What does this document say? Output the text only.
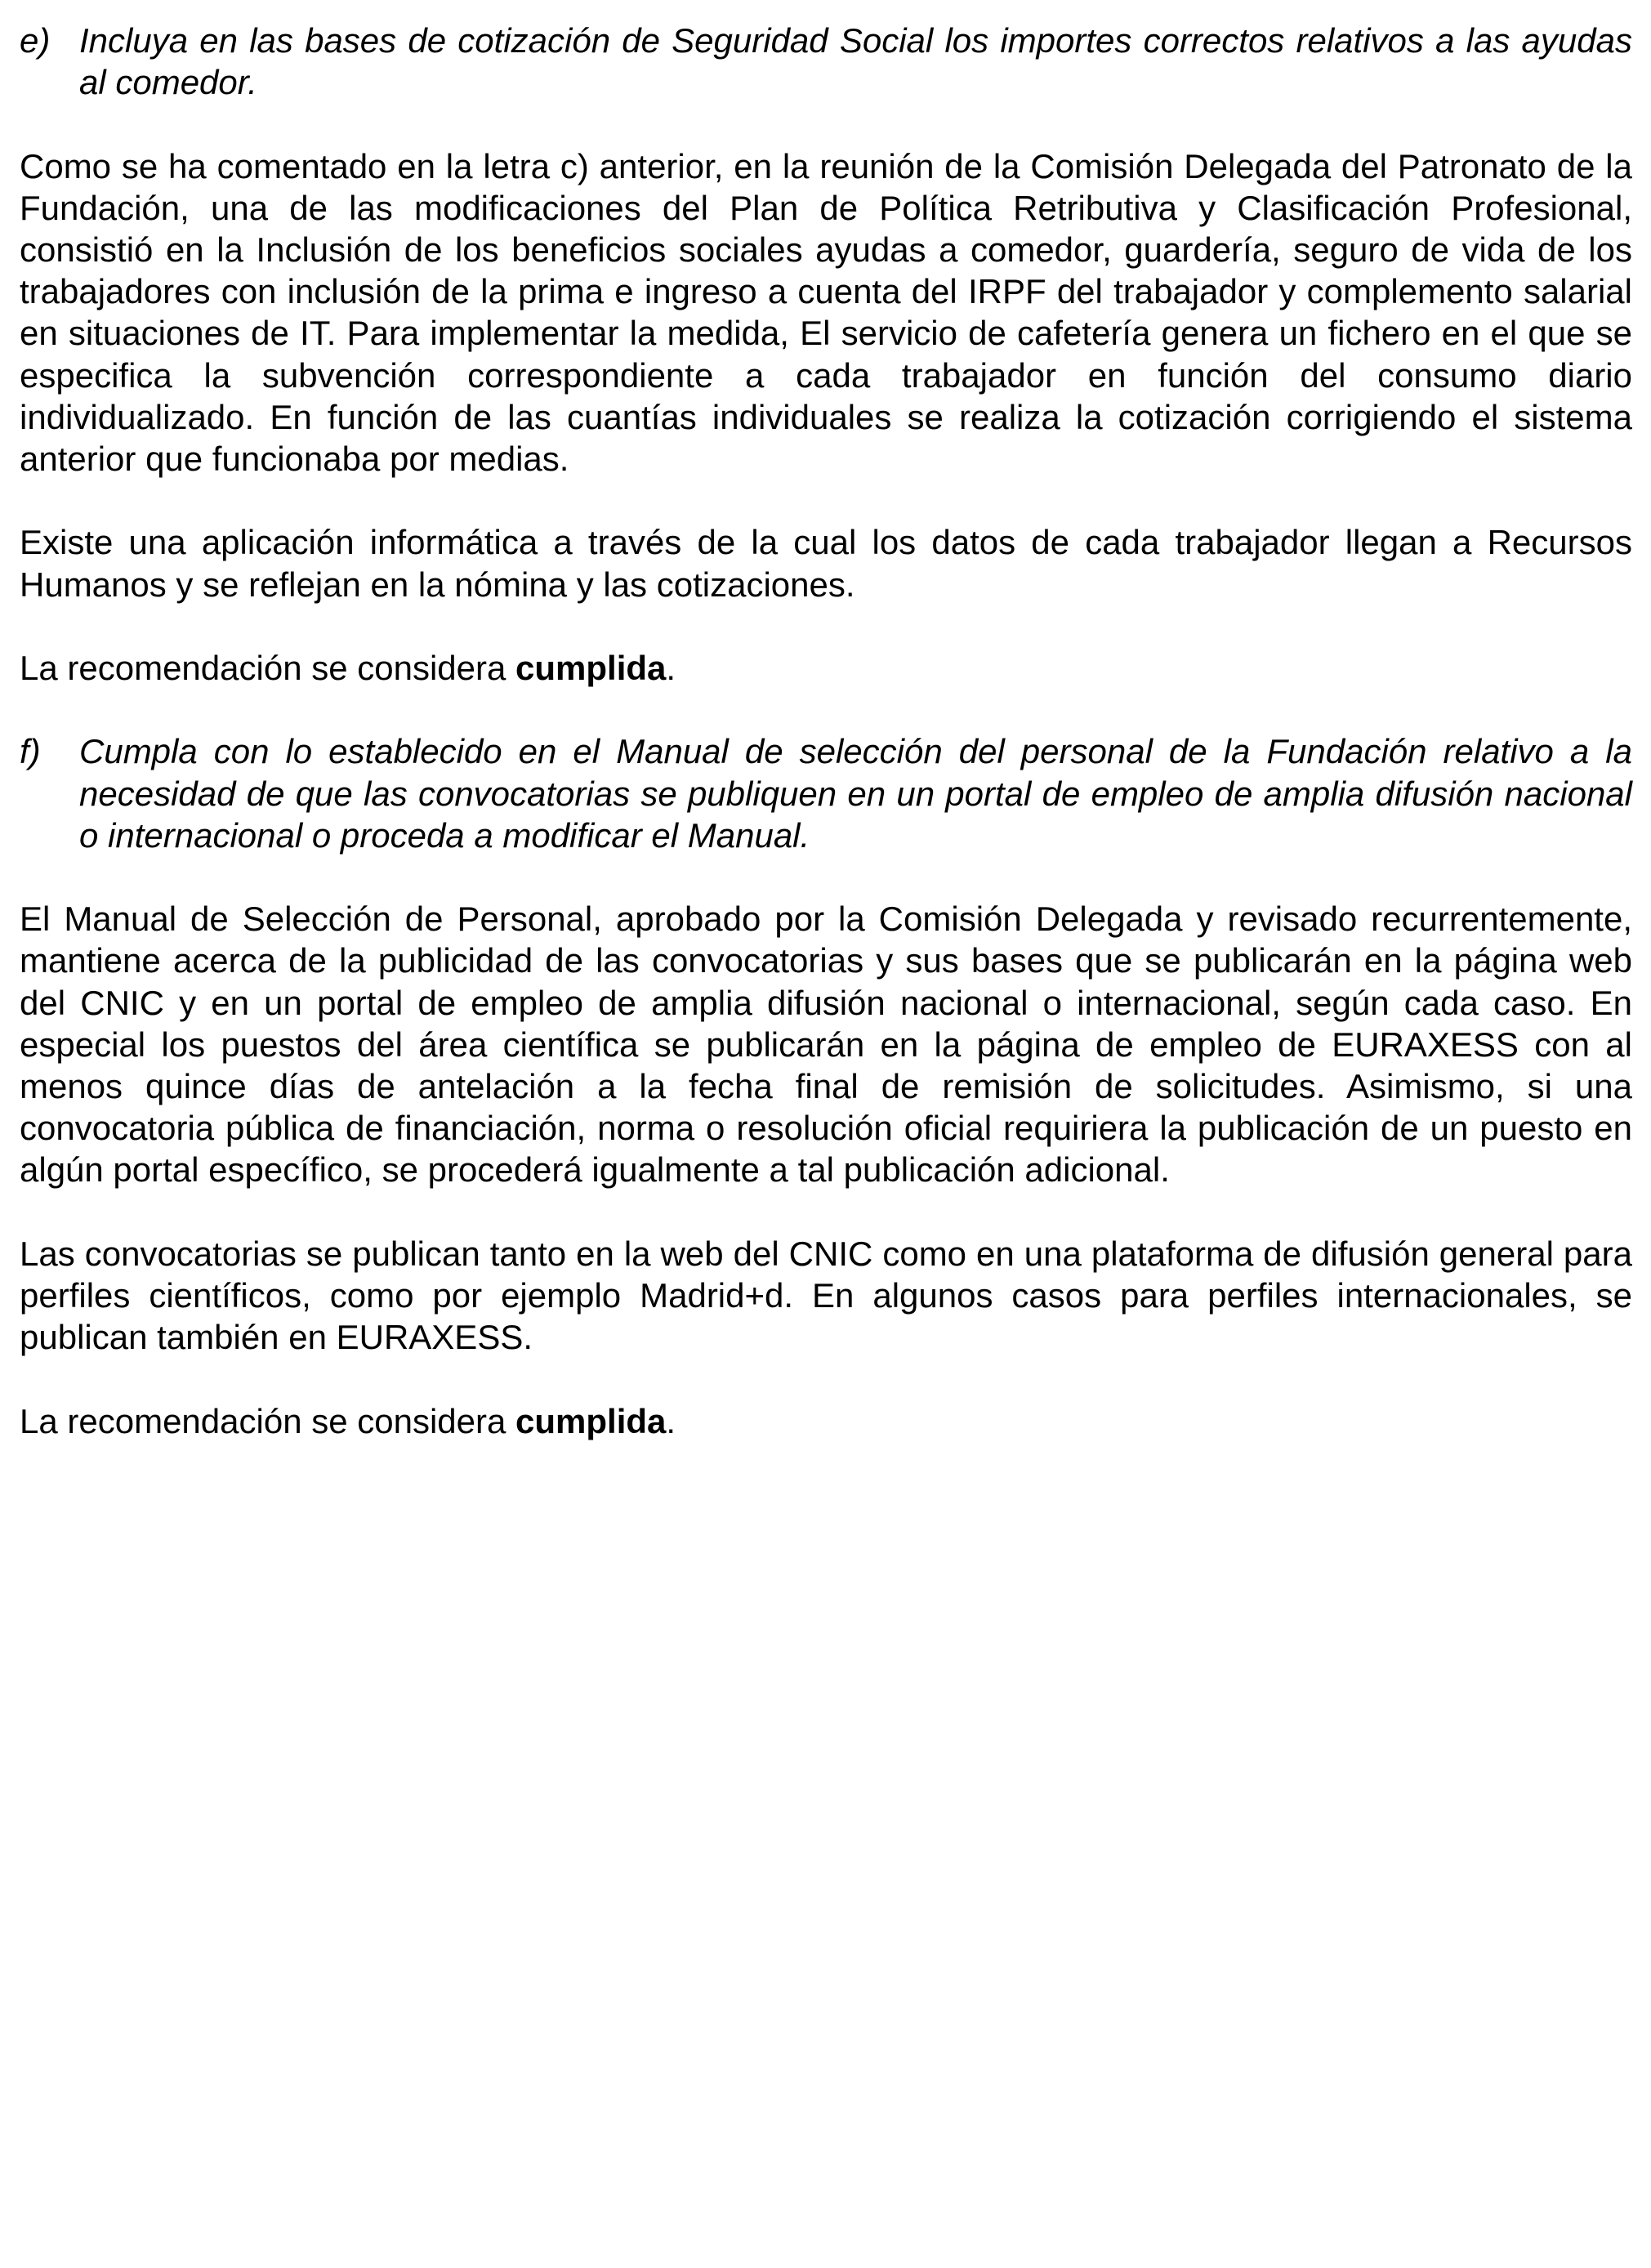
e) Incluya en las bases de cotización de Seguridad Social los importes correctos relativos a las ayudas al comedor.

Como se ha comentado en la letra c) anterior, en la reunión de la Comisión Delegada del Patronato de la Fundación, una de las modificaciones del Plan de Política Retributiva y Clasificación Profesional, consistió en la Inclusión de los beneficios sociales ayudas a comedor, guardería, seguro de vida de los trabajadores con inclusión de la prima e ingreso a cuenta del IRPF del trabajador y complemento salarial en situaciones de IT. Para implementar la medida, El servicio de cafetería genera un fichero en el que se especifica la subvención correspondiente a cada trabajador en función del consumo diario individualizado. En función de las cuantías individuales se realiza la cotización corrigiendo el sistema anterior que funcionaba por medias.

Existe una aplicación informática a través de la cual los datos de cada trabajador llegan a Recursos Humanos y se reflejan en la nómina y las cotizaciones.

La recomendación se considera cumplida.

f) Cumpla con lo establecido en el Manual de selección del personal de la Fundación relativo a la necesidad de que las convocatorias se publiquen en un portal de empleo de amplia difusión nacional o internacional o proceda a modificar el Manual.

El Manual de Selección de Personal, aprobado por la Comisión Delegada y revisado recurrentemente, mantiene acerca de la publicidad de las convocatorias y sus bases que se publicarán en la página web del CNIC y en un portal de empleo de amplia difusión nacional o internacional, según cada caso. En especial los puestos del área científica se publicarán en la página de empleo de EURAXESS con al menos quince días de antelación a la fecha final de remisión de solicitudes. Asimismo, si una convocatoria pública de financiación, norma o resolución oficial requiriera la publicación de un puesto en algún portal específico, se procederá igualmente a tal publicación adicional.

Las convocatorias se publican tanto en la web del CNIC como en una plataforma de difusión general para perfiles científicos, como por ejemplo Madrid+d. En algunos casos para perfiles internacionales, se publican también en EURAXESS.

La recomendación se considera cumplida.
